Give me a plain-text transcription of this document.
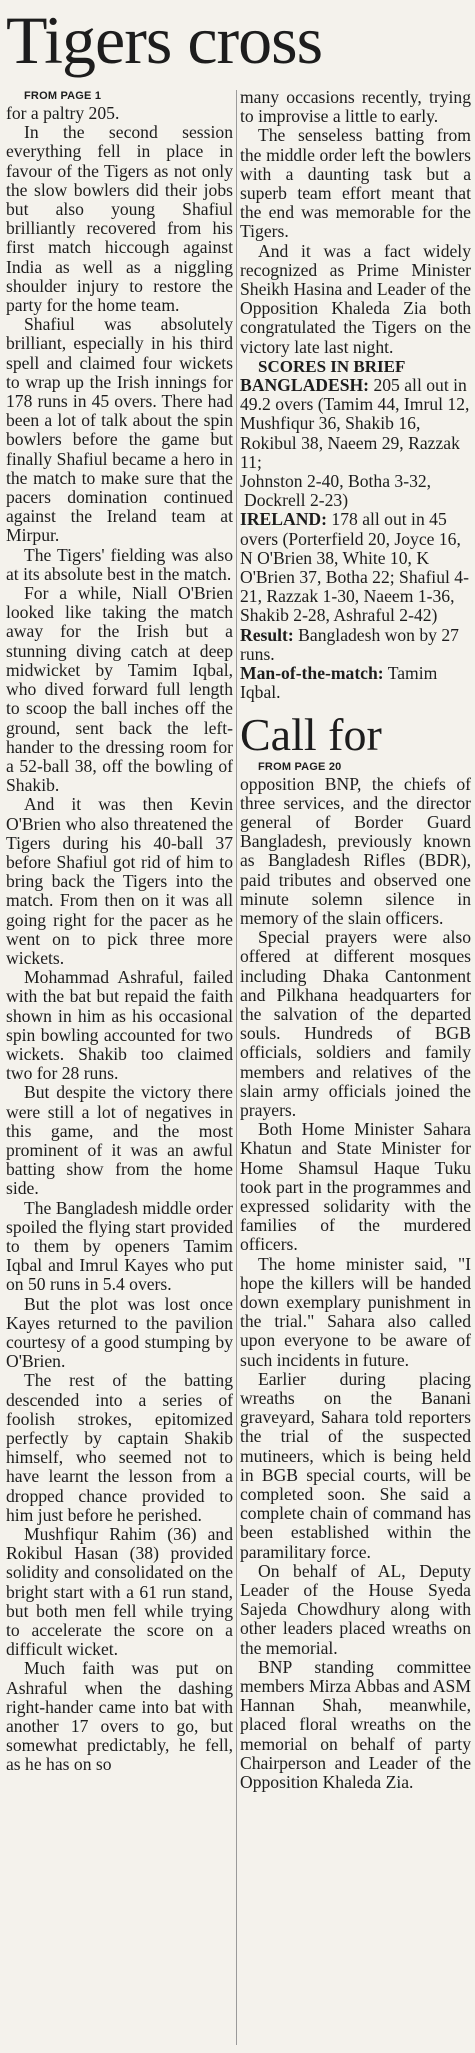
Tigers cross

FROM PAGE 1

for a paltry 205.

In the second session everything fell in place in favour of the Tigers as not only the slow bowlers did their jobs but also young Shafiul brilliantly recovered from his first match hiccough against India as well as a niggling shoulder injury to restore the party for the home team.

Shafiul was absolutely brilliant, especially in his third spell and claimed four wickets to wrap up the Irish innings for 178 runs in 45 overs. There had been a lot of talk about the spin bowlers before the game but finally Shafiul became a hero in the match to make sure that the pacers domination continued against the Ireland team at Mirpur.

The Tigers' fielding was also at its absolute best in the match.

For a while, Niall O'Brien looked like taking the match away for the Irish but a stunning diving catch at deep midwicket by Tamim Iqbal, who dived forward full length to scoop the ball inches off the ground, sent back the left-hander to the dressing room for a 52-ball 38, off the bowling of Shakib.

And it was then Kevin O'Brien who also threatened the Tigers during his 40-ball 37 before Shafiul got rid of him to bring back the Tigers into the match. From then on it was all going right for the pacer as he went on to pick three more wickets.

Mohammad Ashraful, failed with the bat but repaid the faith shown in him as his occasional spin bowling accounted for two wickets. Shakib too claimed two for 28 runs.

But despite the victory there were still a lot of negatives in this game, and the most prominent of it was an awful batting show from the home side.

The Bangladesh middle order spoiled the flying start provided to them by openers Tamim Iqbal and Imrul Kayes who put on 50 runs in 5.4 overs.

But the plot was lost once Kayes returned to the pavilion courtesy of a good stumping by O'Brien.

The rest of the batting descended into a series of foolish strokes, epitomized perfectly by captain Shakib himself, who seemed not to have learnt the lesson from a dropped chance provided to him just before he perished.

Mushfiqur Rahim (36) and Rokibul Hasan (38) provided solidity and consolidated on the bright start with a 61 run stand, but both men fell while trying to accelerate the score on a difficult wicket.

Much faith was put on Ashraful when the dashing right-hander came into bat with another 17 overs to go, but somewhat predictably, he fell, as he has on so

many occasions recently, trying to improvise a little to early.

The senseless batting from the middle order left the bowlers with a daunting task but a superb team effort meant that the end was memorable for the Tigers.

And it was a fact widely recognized as Prime Minister Sheikh Hasina and Leader of the Opposition Khaleda Zia both congratulated the Tigers on the victory late last night.

SCORES IN BRIEF

BANGLADESH: 205 all out in 49.2 overs (Tamim 44, Imrul 12, Mushfiqur 36, Shakib 16, Rokibul 38, Naeem 29, Razzak 11;

Johnston 2-40, Botha 3-32, Dockrell 2-23)

IRELAND: 178 all out in 45 overs (Porterfield 20, Joyce 16, N O'Brien 38, White 10, K O'Brien 37, Botha 22; Shafiul 4-21, Razzak 1-30, Naeem 1-36, Shakib 2-28, Ashraful 2-42)

Result: Bangladesh won by 27 runs.

Man-of-the-match: Tamim Iqbal.

Call for

FROM PAGE 20

opposition BNP, the chiefs of three services, and the director general of Border Guard Bangladesh, previously known as Bangladesh Rifles (BDR), paid tributes and observed one minute solemn silence in memory of the slain officers.

Special prayers were also offered at different mosques including Dhaka Cantonment and Pilkhana headquarters for the salvation of the departed souls. Hundreds of BGB officials, soldiers and family members and relatives of the slain army officials joined the prayers.

Both Home Minister Sahara Khatun and State Minister for Home Shamsul Haque Tuku took part in the programmes and expressed solidarity with the families of the murdered officers.

The home minister said, "I hope the killers will be handed down exemplary punishment in the trial." Sahara also called upon everyone to be aware of such incidents in future.

Earlier during placing wreaths on the Banani graveyard, Sahara told reporters the trial of the suspected mutineers, which is being held in BGB special courts, will be completed soon. She said a complete chain of command has been established within the paramilitary force.

On behalf of AL, Deputy Leader of the House Syeda Sajeda Chowdhury along with other leaders placed wreaths on the memorial.

BNP standing committee members Mirza Abbas and ASM Hannan Shah, meanwhile, placed floral wreaths on the memorial on behalf of party Chairperson and Leader of the Opposition Khaleda Zia.
